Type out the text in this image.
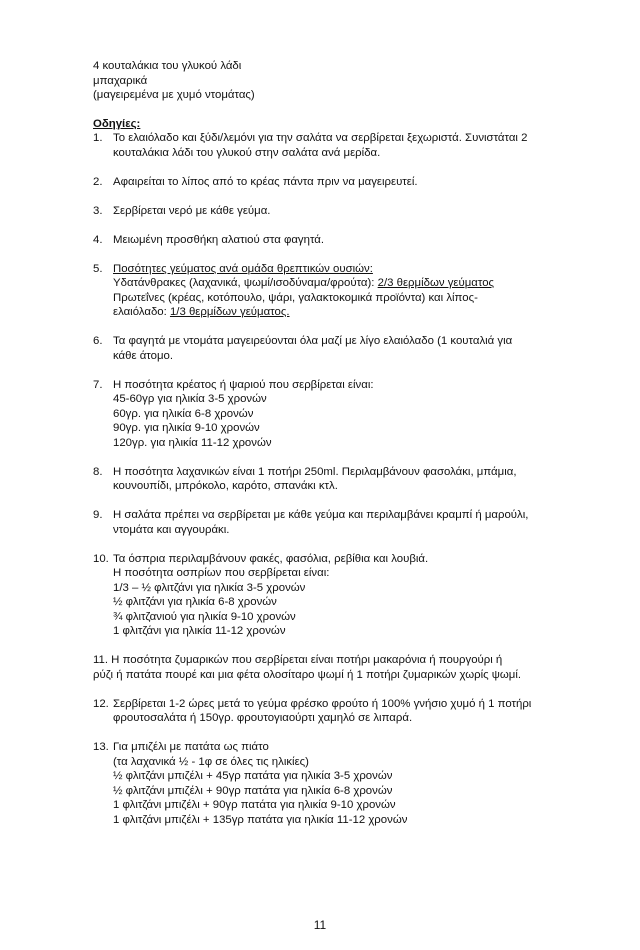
4 κουταλάκια του γλυκού λάδι
μπαχαρικά
(μαγειρεμένα με χυμό ντομάτας)
Οδηγίες:
1. Το ελαιόλαδο και ξύδι/λεμόνι για την σαλάτα να σερβίρεται ξεχωριστά. Συνιστάται 2
κουταλάκια λάδι του γλυκού στην σαλάτα ανά μερίδα.
2. Αφαιρείται το λίπος από το κρέας πάντα πριν να μαγειρευτεί.
3. Σερβίρεται νερό με κάθε γεύμα.
4. Μειωμένη προσθήκη αλατιού στα φαγητά.
5. Ποσότητες γεύματος ανά ομάδα θρεπτικών ουσιών:
Υδατάνθρακες (λαχανικά, ψωμί/ισοδύναμα/φρούτα): 2/3 θερμίδων γεύματος
Πρωτεΐνες (κρέας, κοτόπουλο, ψάρι, γαλακτοκομικά προϊόντα) και λίπος-
ελαιόλαδο: 1/3 θερμίδων γεύματος.
6. Τα φαγητά με ντομάτα μαγειρεύονται όλα μαζί με λίγο ελαιόλαδο (1 κουταλιά για
κάθε άτομο.
7. Η ποσότητα κρέατος ή ψαριού που σερβίρεται είναι:
45-60γρ για ηλικία 3-5 χρονών
60γρ. για ηλικία 6-8 χρονών
90γρ. για ηλικία 9-10 χρονών
120γρ. για ηλικία 11-12 χρονών
8. Η ποσότητα λαχανικών είναι 1 ποτήρι 250ml. Περιλαμβάνουν φασολάκι, μπάμια,
κουνουπίδι, μπρόκολο, καρότο, σπανάκι κτλ.
9. Η σαλάτα πρέπει να σερβίρεται με κάθε γεύμα και περιλαμβάνει κραμπί ή μαρούλι,
ντομάτα και αγγουράκι.
10. Τα όσπρια περιλαμβάνουν φακές, φασόλια, ρεβίθια και λουβιά.
Η ποσότητα οσπρίων που σερβίρεται είναι:
1/3 – ½ φλιτζάνι για ηλικία 3-5 χρονών
½ φλιτζάνι για ηλικία 6-8 χρονών
¾ φλιτζανιού για ηλικία 9-10 χρονών
1 φλιτζάνι για ηλικία 11-12 χρονών
11. Η ποσότητα ζυμαρικών που σερβίρεται είναι ποτήρι μακαρόνια ή πουργούρι ή
ρύζι ή πατάτα πουρέ και μια φέτα ολοσίταρο ψωμί ή 1 ποτήρι ζυμαρικών χωρίς ψωμί.
12. Σερβίρεται 1-2 ώρες μετά το γεύμα φρέσκο φρούτο ή 100% γνήσιο χυμό ή 1 ποτήρι
φρουτοσαλάτα ή 150γρ. φρουτογιαούρτι χαμηλό σε λιπαρά.
13. Για μπιζέλι με πατάτα ως πιάτο
(τα λαχανικά ½ - 1φ σε όλες τις ηλικίες)
½ φλιτζάνι μπιζέλι + 45γρ πατάτα για ηλικία 3-5 χρονών
½ φλιτζάνι μπιζέλι + 90γρ πατάτα για ηλικία 6-8 χρονών
1 φλιτζάνι μπιζέλι + 90γρ πατάτα για ηλικία 9-10 χρονών
1 φλιτζάνι μπιζέλι + 135γρ πατάτα για ηλικία 11-12 χρονών
11
